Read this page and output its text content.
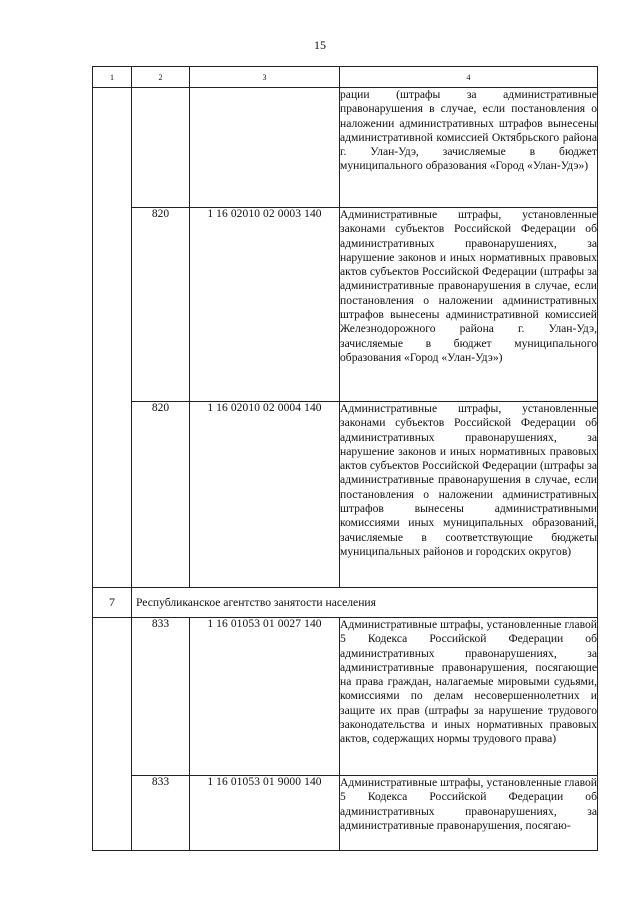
15
1	2	3	4
			рации (штрафы за административные правонарушения в случае, если постановления о наложении административных штрафов вынесены административной комиссией Октябрьского района г. Улан-Удэ, зачисляемые в бюджет муниципального образования «Город «Улан-Удэ»)
	820	1 16 02010 02 0003 140	Административные штрафы, установленные законами субъектов Российской Федерации об административных правонарушениях, за нарушение законов и иных нормативных правовых актов субъектов Российской Федерации (штрафы за административные правонарушения в случае, если постановления о наложении административных штрафов вынесены административной комиссией Железнодорожного района г. Улан-Удэ, зачисляемые в бюджет муниципального образования «Город «Улан-Удэ»)
	820	1 16 02010 02 0004 140	Административные штрафы, установленные законами субъектов Российской Федерации об административных правонарушениях, за нарушение законов и иных нормативных правовых актов субъектов Российской Федерации (штрафы за административные правонарушения в случае, если постановления о наложении административных штрафов вынесены административными комиссиями иных муниципальных образований, зачисляемые в соответствующие бюджеты муниципальных районов и городских округов)
7	Республиканское агентство занятости населения		
	833	1 16 01053 01 0027 140	Административные штрафы, установленные главой 5 Кодекса Российской Федерации об административных правонарушениях, за административные правонарушения, посягающие на права граждан, налагаемые мировыми судьями, комиссиями по делам несовершеннолетних и защите их прав (штрафы за нарушение трудового законодательства и иных нормативных правовых актов, содержащих нормы трудового права)
	833	1 16 01053 01 9000 140	Административные штрафы, установленные главой 5 Кодекса Российской Федерации об административных правонарушениях, за административные правонарушения, посягаю-
